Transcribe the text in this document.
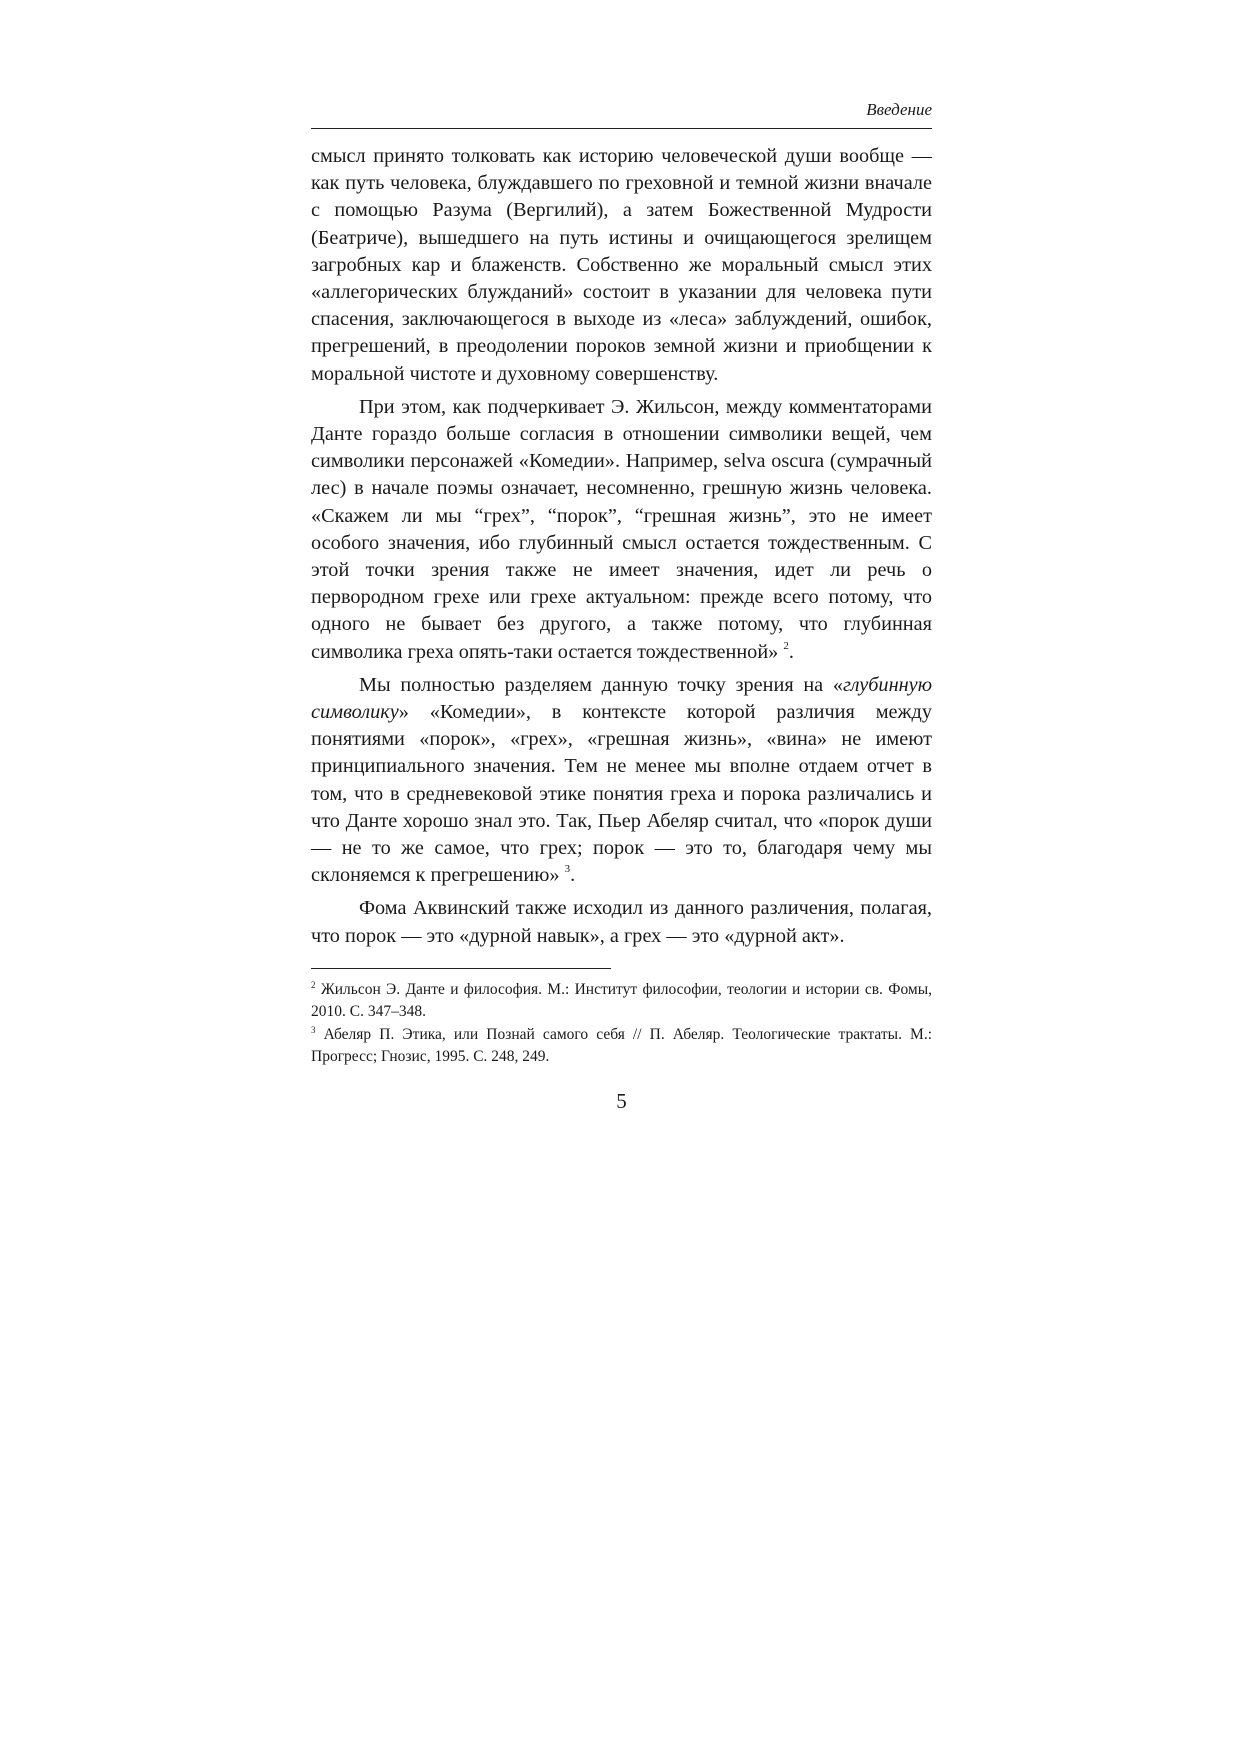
Введение

смысл принято толковать как историю человеческой души вообще — как путь человека, блуждавшего по греховной и темной жизни вначале с помощью Разума (Вергилий), а затем Божественной Мудрости (Беатриче), вышедшего на путь истины и очищающегося зрелищем загробных кар и блаженств. Собственно же моральный смысл этих «аллегорических блужданий» состоит в указании для человека пути спасения, заключающегося в выходе из «леса» заблуждений, ошибок, прегрешений, в преодолении пороков земной жизни и приобщении к моральной чистоте и духовному совершенству.

При этом, как подчеркивает Э. Жильсон, между комментаторами Данте гораздо больше согласия в отношении символики вещей, чем символики персонажей «Комедии». Например, selva oscura (сумрачный лес) в начале поэмы означает, несомненно, грешную жизнь человека. «Скажем ли мы “грех”, “порок”, “грешная жизнь”, это не имеет особого значения, ибо глубинный смысл остается тождественным. С этой точки зрения также не имеет значения, идет ли речь о первородном грехе или грехе актуальном: прежде всего потому, что одного не бывает без другого, а также потому, что глубинная символика греха опять-таки остается тождественной» $^2$.

Мы полностью разделяем данную точку зрения на «глубинную символику» «Комедии», в контексте которой различия между понятиями «порок», «грех», «грешная жизнь», «вина» не имеют принципиального значения. Тем не менее мы вполне отдаем отчет в том, что в средневековой этике понятия греха и порока различались и что Данте хорошо знал это. Так, Пьер Абеляр считал, что «порок души — не то же самое, что грех; порок — это то, благодаря чему мы склоняемся к прегрешению» $^3$.

Фома Аквинский также исходил из данного различения, полагая, что порок — это «дурной навык», а грех — это «дурной акт».

$^2$ Жильсон Э. Данте и философия. М.: Институт философии, теологии и истории св. Фомы, 2010. С. 347–348.

$^3$ Абеляр П. Этика, или Познай самого себя // П. Абеляр. Теологические трактаты. М.: Прогресс; Гнозис, 1995. С. 248, 249.

5
